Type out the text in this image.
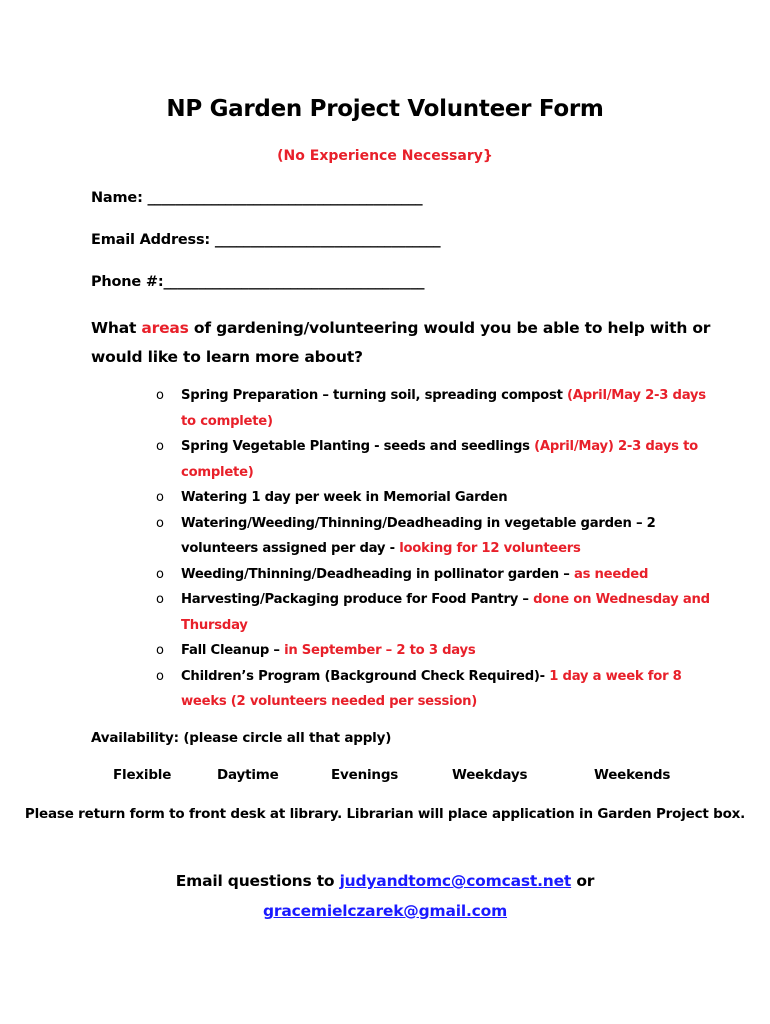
NP Garden Project Volunteer Form
(No Experience Necessary}
Name: _______________________________________
Email Address: ________________________________
Phone #:_____________________________________
What areas of gardening/volunteering would you be able to help with or would like to learn more about?
o Spring Preparation – turning soil, spreading compost (April/May 2-3 days to complete)
o Spring Vegetable Planting - seeds and seedlings (April/May) 2-3 days to complete)
o Watering 1 day per week in Memorial Garden
o Watering/Weeding/Thinning/Deadheading in vegetable garden – 2 volunteers assigned per day - looking for 12 volunteers
o Weeding/Thinning/Deadheading in pollinator garden – as needed
o Harvesting/Packaging produce for Food Pantry – done on Wednesday and Thursday
o Fall Cleanup – in September – 2 to 3 days
o Children’s Program (Background Check Required)- 1 day a week for 8 weeks (2 volunteers needed per session)
Availability: (please circle all that apply)
Flexible	Daytime	Evenings	Weekdays	Weekends
Please return form to front desk at library. Librarian will place application in Garden Project box.
Email questions to judyandtomc@comcast.net or
gracemielczarek@gmail.com
